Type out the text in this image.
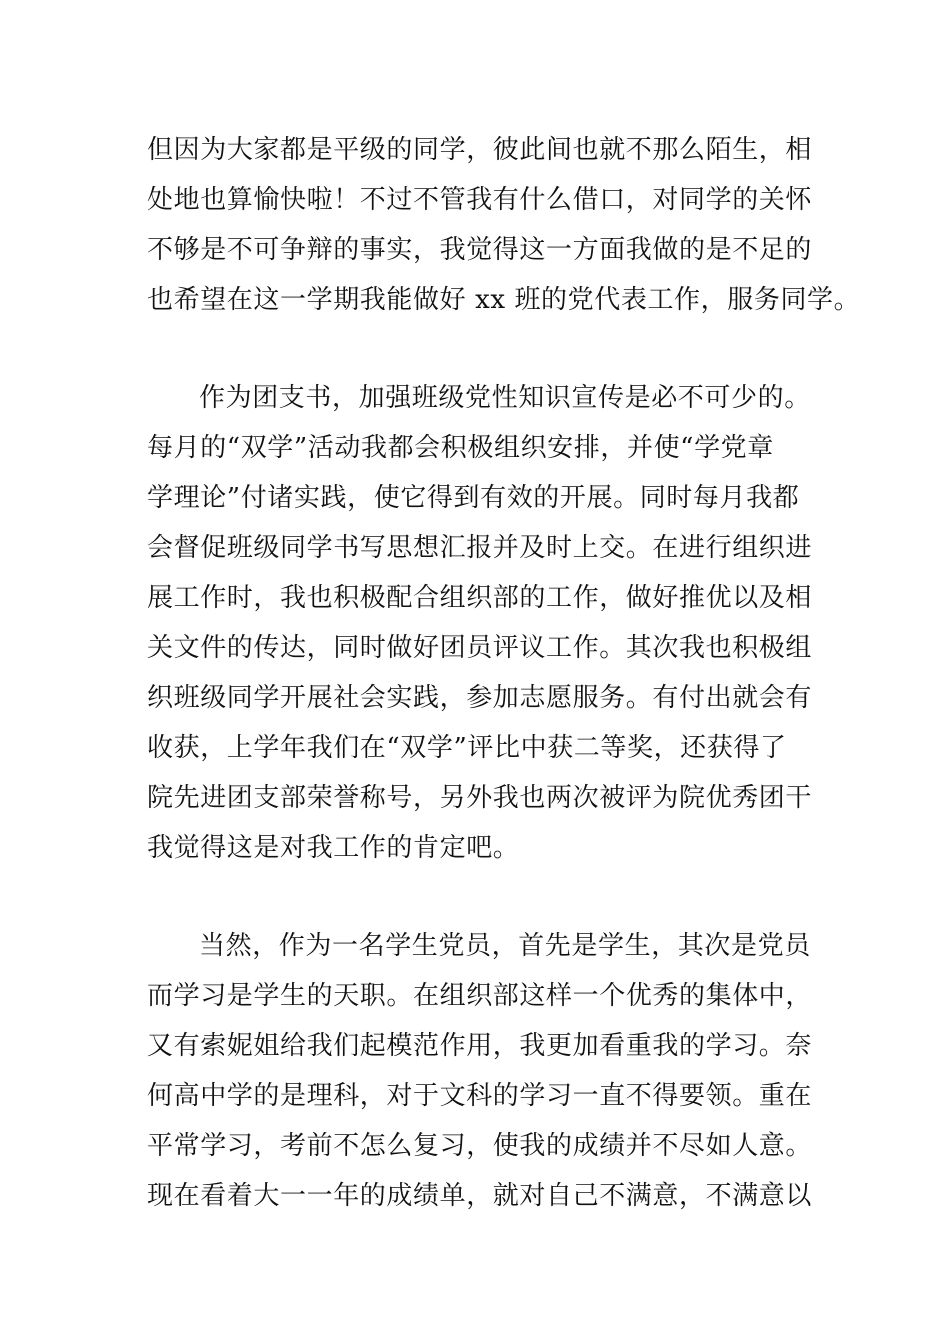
但因为大家都是平级的同学，彼此间也就不那么陌生，相
处地也算愉快啦！不过不管我有什么借口，对同学的关怀
不够是不可争辩的事实，我觉得这一方面我做的是不足的
也希望在这一学期我能做好 xx 班的党代表工作，服务同学。
作为团支书，加强班级党性知识宣传是必不可少的。
每月的“双学”活动我都会积极组织安排，并使“学党章
学理论”付诸实践，使它得到有效的开展。同时每月我都
会督促班级同学书写思想汇报并及时上交。在进行组织进
展工作时，我也积极配合组织部的工作，做好推优以及相
关文件的传达，同时做好团员评议工作。其次我也积极组
织班级同学开展社会实践，参加志愿服务。有付出就会有
收获，上学年我们在“双学”评比中获二等奖，还获得了
院先进团支部荣誉称号，另外我也两次被评为院优秀团干
我觉得这是对我工作的肯定吧。
当然，作为一名学生党员，首先是学生，其次是党员
而学习是学生的天职。在组织部这样一个优秀的集体中，
又有索妮姐给我们起模范作用，我更加看重我的学习。奈
何高中学的是理科，对于文科的学习一直不得要领。重在
平常学习，考前不怎么复习，使我的成绩并不尽如人意。
现在看着大一一年的成绩单，就对自己不满意，不满意以
